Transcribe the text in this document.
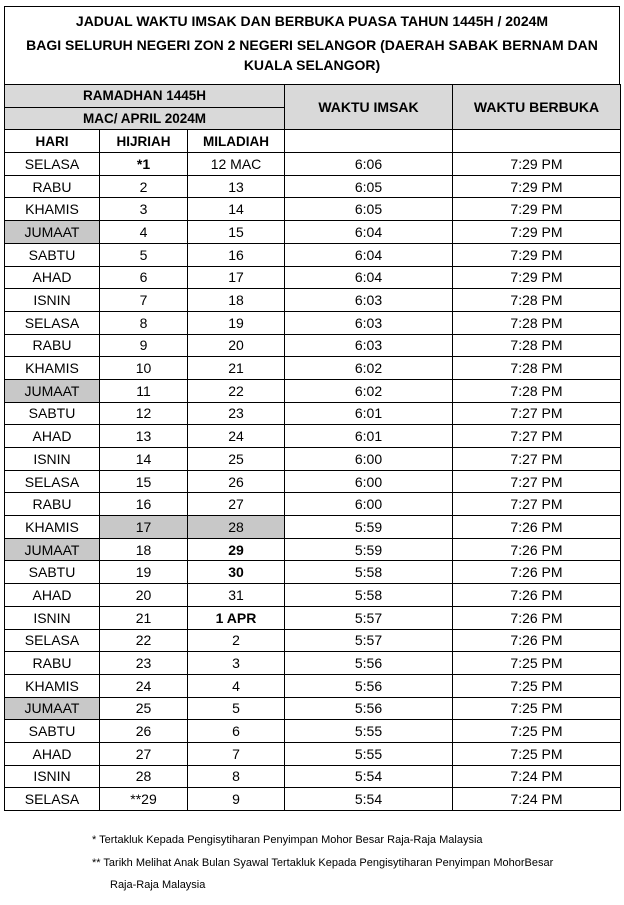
JADUAL WAKTU IMSAK DAN BERBUKA PUASA TAHUN 1445H / 2024M
BAGI SELURUH NEGERI ZON 2 NEGERI SELANGOR (DAERAH SABAK BERNAM DAN KUALA SELANGOR)
RAMADHAN 1445H			WAKTU IMSAK	WAKTU BERBUKA
MAC/ APRIL 2024M				
HARI	HIJRIAH	MILADIAH		
SELASA	*1	12 MAC	6:06	7:29 PM
RABU	2	13	6:05	7:29 PM
KHAMIS	3	14	6:05	7:29 PM
JUMAAT	4	15	6:04	7:29 PM
SABTU	5	16	6:04	7:29 PM
AHAD	6	17	6:04	7:29 PM
ISNIN	7	18	6:03	7:28 PM
SELASA	8	19	6:03	7:28 PM
RABU	9	20	6:03	7:28 PM
KHAMIS	10	21	6:02	7:28 PM
JUMAAT	11	22	6:02	7:28 PM
SABTU	12	23	6:01	7:27 PM
AHAD	13	24	6:01	7:27 PM
ISNIN	14	25	6:00	7:27 PM
SELASA	15	26	6:00	7:27 PM
RABU	16	27	6:00	7:27 PM
KHAMIS	17	28	5:59	7:26 PM
JUMAAT	18	29	5:59	7:26 PM
SABTU	19	30	5:58	7:26 PM
AHAD	20	31	5:58	7:26 PM
ISNIN	21	1 APR	5:57	7:26 PM
SELASA	22	2	5:57	7:26 PM
RABU	23	3	5:56	7:25 PM
KHAMIS	24	4	5:56	7:25 PM
JUMAAT	25	5	5:56	7:25 PM
SABTU	26	6	5:55	7:25 PM
AHAD	27	7	5:55	7:25 PM
ISNIN	28	8	5:54	7:24 PM
SELASA	**29	9	5:54	7:24 PM
* Tertakluk Kepada Pengisytiharan Penyimpan Mohor Besar Raja-Raja Malaysia
** Tarikh Melihat Anak Bulan Syawal Tertakluk Kepada Pengisytiharan Penyimpan MohorBesar
Raja-Raja Malaysia
